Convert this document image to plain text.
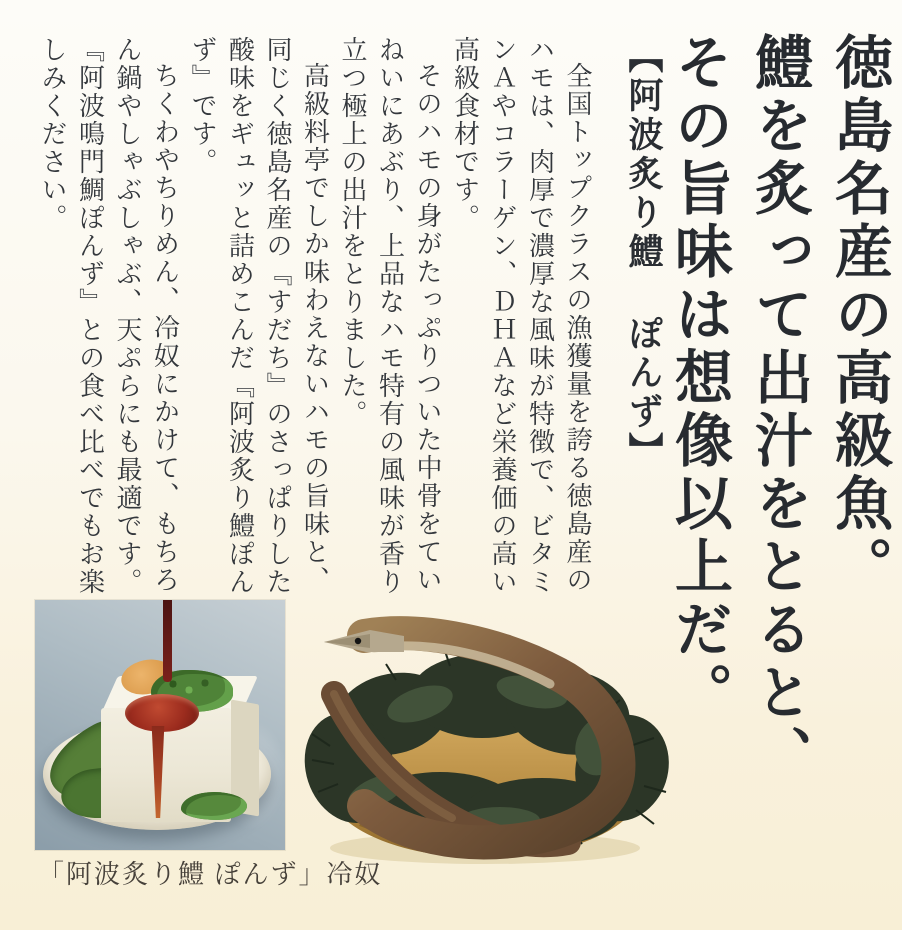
徳島名産の高級魚。
鱧を炙って出汁をとると、
その旨味は想像以上だ。
【阿波炙り鱧 ぽんず】

全国トップクラスの漁獲量を誇る徳島産のハモは、肉厚で濃厚な風味が特徴で、ビタミンＡやコラーゲン、ＤＨＡなど栄養価の高い高級食材です。

そのハモの身がたっぷりついた中骨をていねいにあぶり、上品なハモ特有の風味が香り立つ極上の出汁をとりました。

高級料亭でしか味わえないハモの旨味と、同じく徳島名産の『すだち』のさっぱりした酸味をギュッと詰めこんだ『阿波炙り鱧ぽんず』です。

ちくわやちりめん、冷奴にかけて、もちろん鍋やしゃぶしゃぶ、天ぷらにも最適です。『阿波鳴門鯛ぽんず』との食べ比べでもお楽しみください。

「阿波炙り鱧 ぽんず」冷奴
